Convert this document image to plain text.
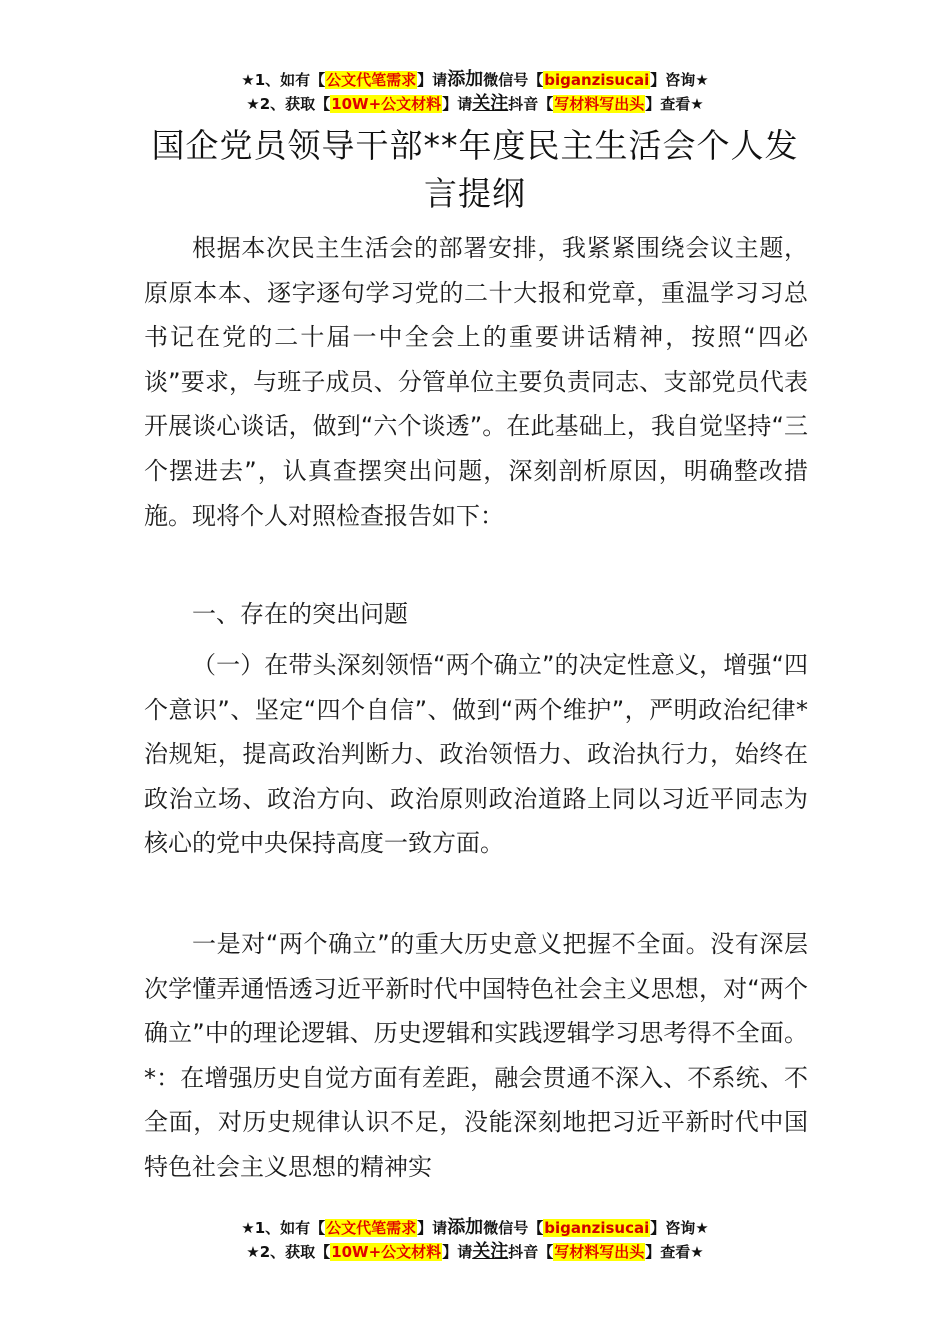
★1、如有【公文代笔需求】请添加微信号【biganzisucai】咨询★
★2、获取【10W+公文材料】请关注抖音【写材料写出头】查看★
国企党员领导干部**年度民主生活会个人发言提纲

根据本次民主生活会的部署安排，我紧紧围绕会议主题，原原本本、逐字逐句学习党的二十大报和党章，重温学习习总书记在党的二十届一中全会上的重要讲话精神，按照“四必谈”要求，与班子成员、分管单位主要负责同志、支部党员代表开展谈心谈话，做到“六个谈透”。在此基础上，我自觉坚持“三个摆进去”，认真查摆突出问题，深刻剖析原因，明确整改措施。现将个人对照检查报告如下：

一、存在的突出问题

（一）在带头深刻领悟“两个确立”的决定性意义，增强“四个意识”、坚定“四个自信”、做到“两个维护”，严明政治纪律*治规矩，提高政治判断力、政治领悟力、政治执行力，始终在政治立场、政治方向、政治原则政治道路上同以习近平同志为核心的党中央保持高度一致方面。

一是对“两个确立”的重大历史意义把握不全面。没有深层次学懂弄通悟透习近平新时代中国特色社会主义思想，对“两个确立”中的理论逻辑、历史逻辑和实践逻辑学习思考得不全面。*：在增强历史自觉方面有差距，融会贯通不深入、不系统、不全面，对历史规律认识不足，没能深刻地把习近平新时代中国特色社会主义思想的精神实

★1、如有【公文代笔需求】请添加微信号【biganzisucai】咨询★
★2、获取【10W+公文材料】请关注抖音【写材料写出头】查看★
